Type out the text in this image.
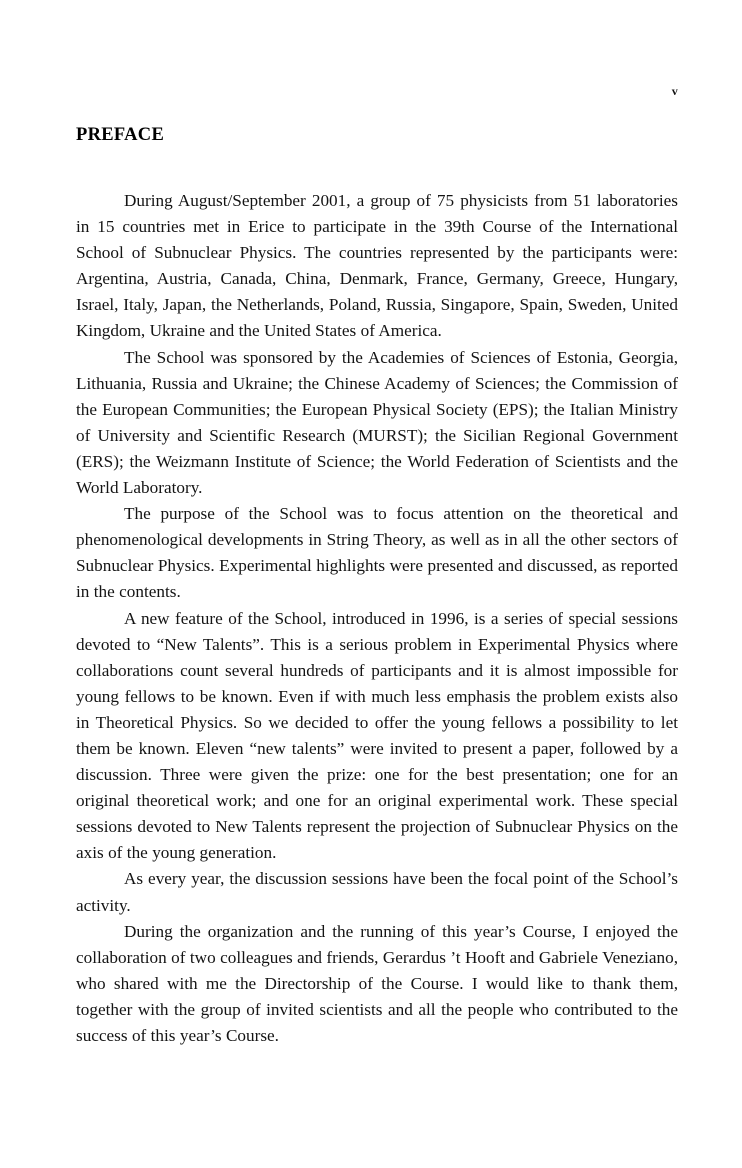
v
PREFACE

During August/September 2001, a group of 75 physicists from 51 laboratories in 15 countries met in Erice to participate in the 39th Course of the International School of Subnuclear Physics. The countries represented by the participants were: Argentina, Austria, Canada, China, Denmark, France, Germany, Greece, Hungary, Israel, Italy, Japan, the Netherlands, Poland, Russia, Singapore, Spain, Sweden, United Kingdom, Ukraine and the United States of America.

The School was sponsored by the Academies of Sciences of Estonia, Georgia, Lithuania, Russia and Ukraine; the Chinese Academy of Sciences; the Commission of the European Communities; the European Physical Society (EPS); the Italian Ministry of University and Scientific Research (MURST); the Sicilian Regional Government (ERS); the Weizmann Institute of Science; the World Federation of Scientists and the World Laboratory.

The purpose of the School was to focus attention on the theoretical and phenomenological developments in String Theory, as well as in all the other sectors of Subnuclear Physics. Experimental highlights were presented and discussed, as reported in the contents.

A new feature of the School, introduced in 1996, is a series of special sessions devoted to “New Talents”. This is a serious problem in Experimental Physics where collaborations count several hundreds of participants and it is almost impossible for young fellows to be known. Even if with much less emphasis the problem exists also in Theoretical Physics. So we decided to offer the young fellows a possibility to let them be known. Eleven “new talents” were invited to present a paper, followed by a discussion. Three were given the prize: one for the best presentation; one for an original theoretical work; and one for an original experimental work. These special sessions devoted to New Talents represent the projection of Subnuclear Physics on the axis of the young generation.

As every year, the discussion sessions have been the focal point of the School’s activity.

During the organization and the running of this year’s Course, I enjoyed the collaboration of two colleagues and friends, Gerardus ’t Hooft and Gabriele Veneziano, who shared with me the Directorship of the Course. I would like to thank them, together with the group of invited scientists and all the people who contributed to the success of this year’s Course.
